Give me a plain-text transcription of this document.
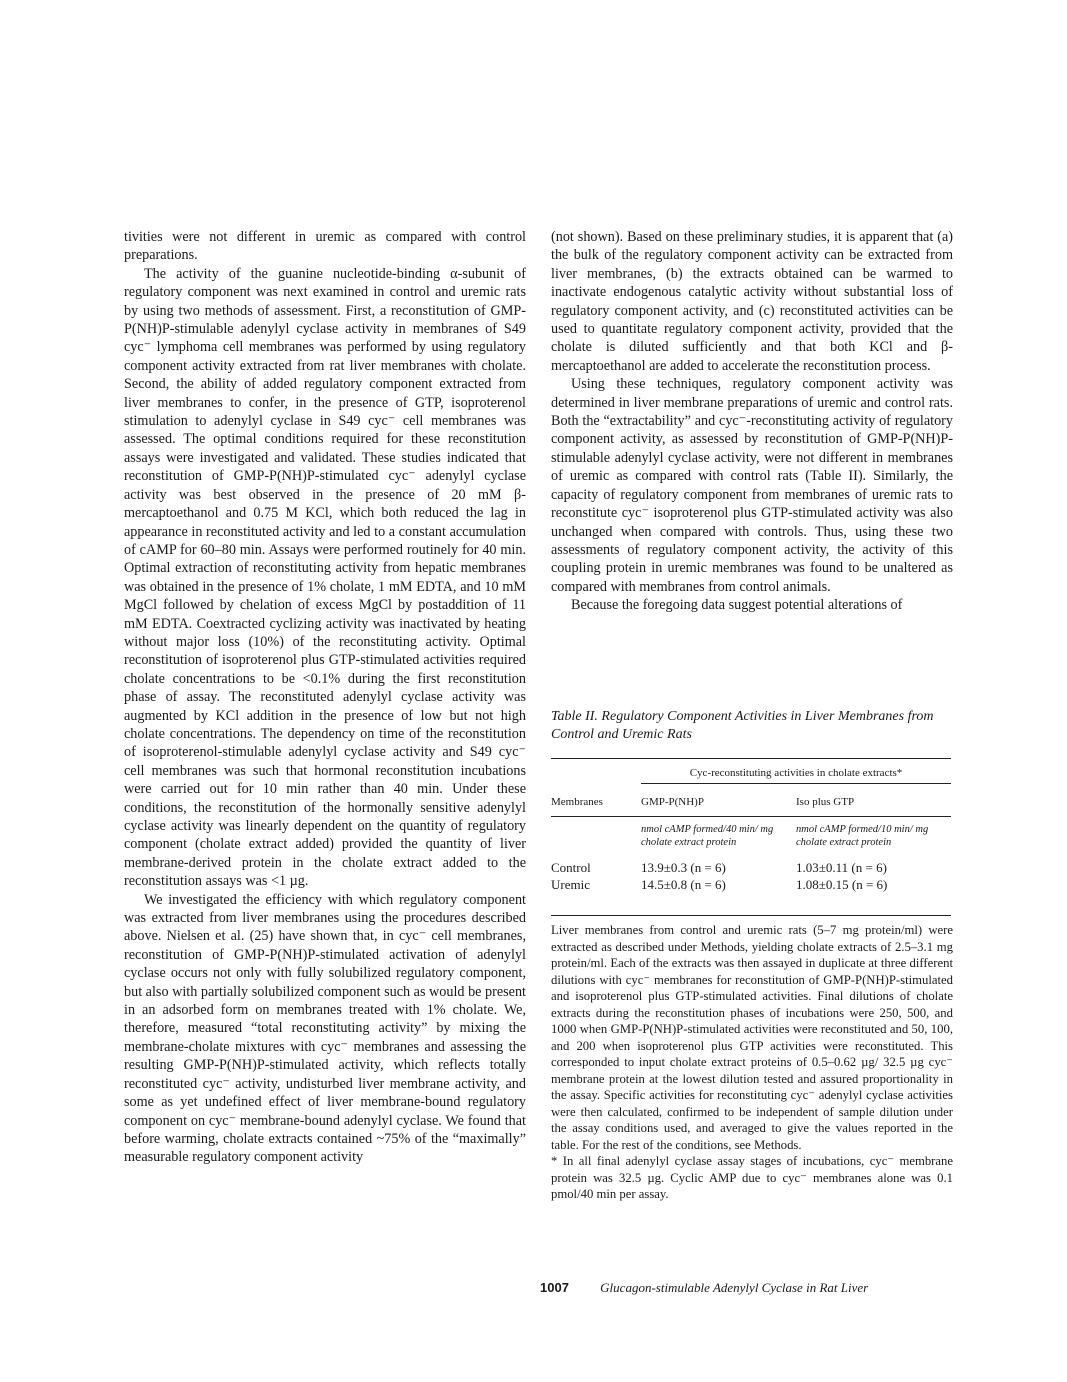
tivities were not different in uremic as compared with control preparations.

The activity of the guanine nucleotide-binding α-subunit of regulatory component was next examined in control and uremic rats by using two methods of assessment. First, a reconstitution of GMP-P(NH)P-stimulable adenylyl cyclase activity in membranes of S49 cyc⁻ lymphoma cell membranes was performed by using regulatory component activity extracted from rat liver membranes with cholate. Second, the ability of added regulatory component extracted from liver membranes to confer, in the presence of GTP, isoproterenol stimulation to adenylyl cyclase in S49 cyc⁻ cell membranes was assessed. The optimal conditions required for these reconstitution assays were investigated and validated. These studies indicated that reconstitution of GMP-P(NH)P-stimulated cyc⁻ adenylyl cyclase activity was best observed in the presence of 20 mM β-mercaptoethanol and 0.75 M KCl, which both reduced the lag in appearance in reconstituted activity and led to a constant accumulation of cAMP for 60–80 min. Assays were performed routinely for 40 min. Optimal extraction of reconstituting activity from hepatic membranes was obtained in the presence of 1% cholate, 1 mM EDTA, and 10 mM MgCl followed by chelation of excess MgCl by postaddition of 11 mM EDTA. Coextracted cyclizing activity was inactivated by heating without major loss (10%) of the reconstituting activity. Optimal reconstitution of isoproterenol plus GTP-stimulated activities required cholate concentrations to be <0.1% during the first reconstitution phase of assay. The reconstituted adenylyl cyclase activity was augmented by KCl addition in the presence of low but not high cholate concentrations. The dependency on time of the reconstitution of isoproterenol-stimulable adenylyl cyclase activity and S49 cyc⁻ cell membranes was such that hormonal reconstitution incubations were carried out for 10 min rather than 40 min. Under these conditions, the reconstitution of the hormonally sensitive adenylyl cyclase activity was linearly dependent on the quantity of regulatory component (cholate extract added) provided the quantity of liver membrane-derived protein in the cholate extract added to the reconstitution assays was <1 µg.

We investigated the efficiency with which regulatory component was extracted from liver membranes using the procedures described above. Nielsen et al. (25) have shown that, in cyc⁻ cell membranes, reconstitution of GMP-P(NH)P-stimulated activation of adenylyl cyclase occurs not only with fully solubilized regulatory component, but also with partially solubilized component such as would be present in an adsorbed form on membranes treated with 1% cholate. We, therefore, measured “total reconstituting activity” by mixing the membrane-cholate mixtures with cyc⁻ membranes and assessing the resulting GMP-P(NH)P-stimulated activity, which reflects totally reconstituted cyc⁻ activity, undisturbed liver membrane activity, and some as yet undefined effect of liver membrane-bound regulatory component on cyc⁻ membrane-bound adenylyl cyclase. We found that before warming, cholate extracts contained ~75% of the “maximally” measurable regulatory component activity

(not shown). Based on these preliminary studies, it is apparent that (a) the bulk of the regulatory component activity can be extracted from liver membranes, (b) the extracts obtained can be warmed to inactivate endogenous catalytic activity without substantial loss of regulatory component activity, and (c) reconstituted activities can be used to quantitate regulatory component activity, provided that the cholate is diluted sufficiently and that both KCl and β-mercaptoethanol are added to accelerate the reconstitution process.

Using these techniques, regulatory component activity was determined in liver membrane preparations of uremic and control rats. Both the “extractability” and cyc⁻-reconstituting activity of regulatory component activity, as assessed by reconstitution of GMP-P(NH)P-stimulable adenylyl cyclase activity, were not different in membranes of uremic as compared with control rats (Table II). Similarly, the capacity of regulatory component from membranes of uremic rats to reconstitute cyc⁻ isoproterenol plus GTP-stimulated activity was also unchanged when compared with controls. Thus, using these two assessments of regulatory component activity, the activity of this coupling protein in uremic membranes was found to be unaltered as compared with membranes from control animals.

Because the foregoing data suggest potential alterations of

Table II. Regulatory Component Activities in Liver Membranes from Control and Uremic Rats

	Cyc-reconstituting activities in cholate extracts*	
Membranes	GMP-P(NH)P	Iso plus GTP
	nmol cAMP formed/40 min/ mg cholate extract protein	nmol cAMP formed/10 min/ mg cholate extract protein
Control	13.9±0.3 (n = 6)	1.03±0.11 (n = 6)
Uremic	14.5±0.8 (n = 6)	1.08±0.15 (n = 6)

Liver membranes from control and uremic rats (5–7 mg protein/ml) were extracted as described under Methods, yielding cholate extracts of 2.5–3.1 mg protein/ml. Each of the extracts was then assayed in duplicate at three different dilutions with cyc⁻ membranes for reconstitution of GMP-P(NH)P-stimulated and isoproterenol plus GTP-stimulated activities. Final dilutions of cholate extracts during the reconstitution phases of incubations were 250, 500, and 1000 when GMP-P(NH)P-stimulated activities were reconstituted and 50, 100, and 200 when isoproterenol plus GTP activities were reconstituted. This corresponded to input cholate extract proteins of 0.5–0.62 µg/ 32.5 µg cyc⁻ membrane protein at the lowest dilution tested and assured proportionality in the assay. Specific activities for reconstituting cyc⁻ adenylyl cyclase activities were then calculated, confirmed to be independent of sample dilution under the assay conditions used, and averaged to give the values reported in the table. For the rest of the conditions, see Methods.

* In all final adenylyl cyclase assay stages of incubations, cyc⁻ membrane protein was 32.5 µg. Cyclic AMP due to cyc⁻ membranes alone was 0.1 pmol/40 min per assay.

1007 Glucagon-stimulable Adenylyl Cyclase in Rat Liver
